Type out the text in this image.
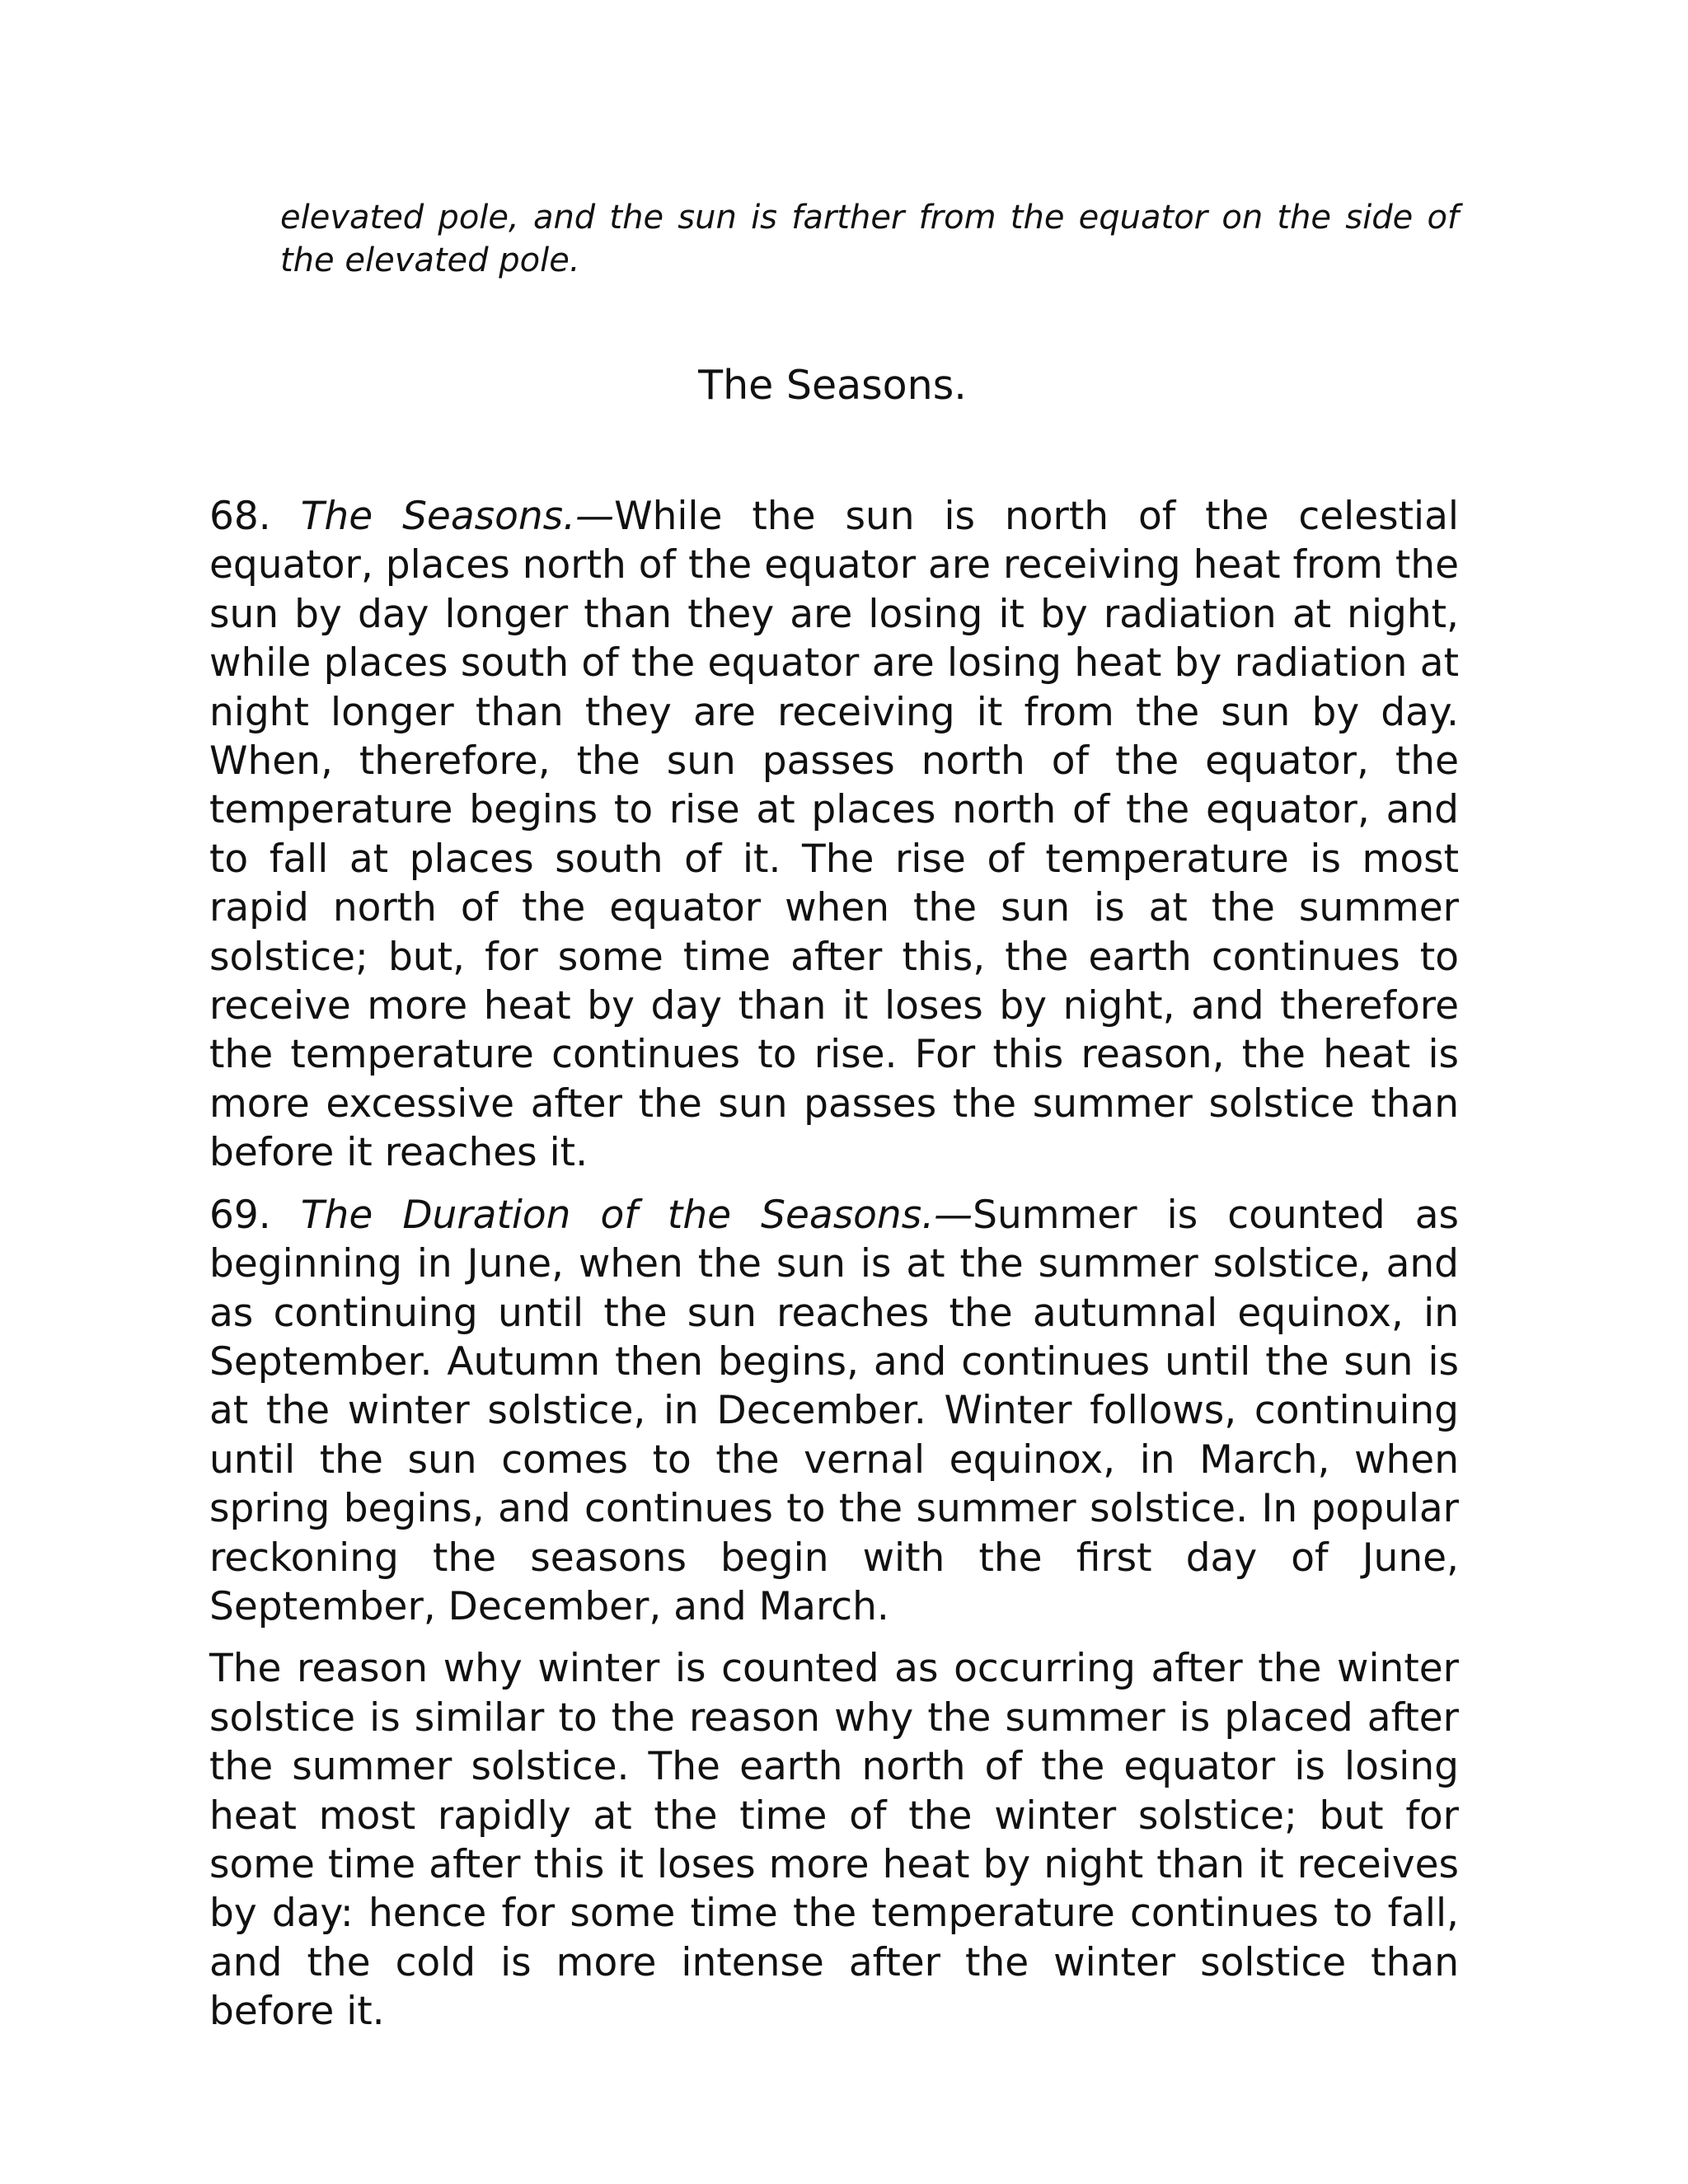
elevated pole, and the sun is farther from the equator on the side of the elevated pole.

The Seasons.

68. The Seasons.—While the sun is north of the celestial equator, places north of the equator are receiving heat from the sun by day longer than they are losing it by radiation at night, while places south of the equator are losing heat by radiation at night longer than they are receiving it from the sun by day. When, therefore, the sun passes north of the equator, the temperature begins to rise at places north of the equator, and to fall at places south of it. The rise of temperature is most rapid north of the equator when the sun is at the summer solstice; but, for some time after this, the earth continues to receive more heat by day than it loses by night, and therefore the temperature continues to rise. For this reason, the heat is more excessive after the sun passes the summer solstice than before it reaches it.

69. The Duration of the Seasons.—Summer is counted as beginning in June, when the sun is at the summer solstice, and as continuing until the sun reaches the autumnal equinox, in September. Autumn then begins, and continues until the sun is at the winter solstice, in December. Winter follows, continuing until the sun comes to the vernal equinox, in March, when spring begins, and continues to the summer solstice. In popular reckoning the seasons begin with the first day of June, September, December, and March.

The reason why winter is counted as occurring after the winter solstice is similar to the reason why the summer is placed after the summer solstice. The earth north of the equator is losing heat most rapidly at the time of the winter solstice; but for some time after this it loses more heat by night than it receives by day: hence for some time the temperature continues to fall, and the cold is more intense after the winter solstice than before it.
